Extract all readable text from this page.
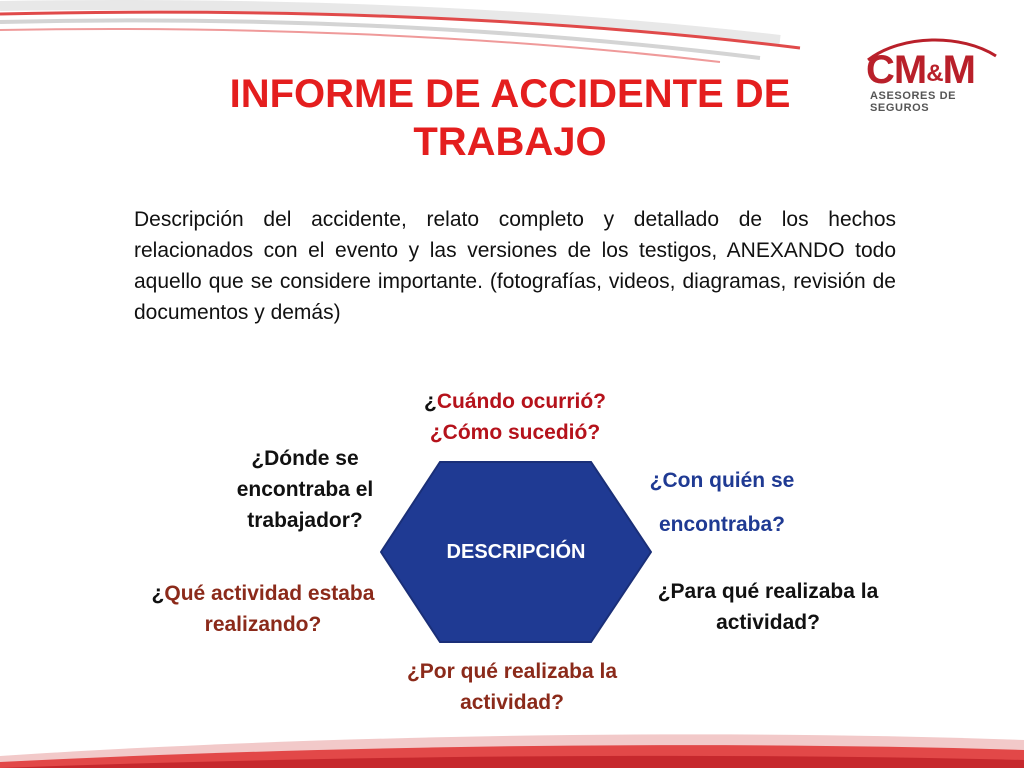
CM&M
ASESORES DE SEGUROS
INFORME DE ACCIDENTE DE
TRABAJO
Descripción del accidente, relato completo y detallado de los hechos relacionados con el evento y las versiones de los testigos, ANEXANDO todo aquello que se considere importante. (fotografías, videos, diagramas, revisión de documentos y demás)
DESCRIPCIÓN
¿Cuándo ocurrió?
¿Cómo sucedió?
¿Dónde se
encontraba el
trabajador?
¿Con quién se
encontraba?
¿Qué actividad estaba
realizando?
¿Para qué realizaba la
actividad?
¿Por qué realizaba la
actividad?
